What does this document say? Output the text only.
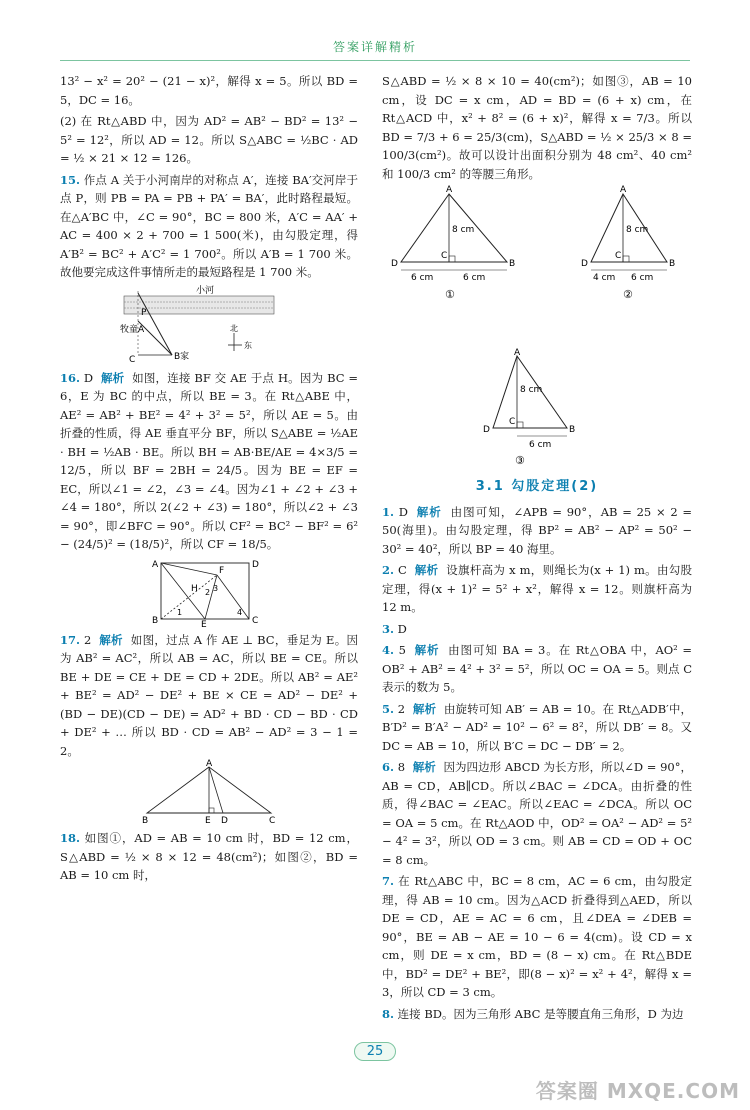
答案详解精析

13² − x² = 20² − (21 − x)²，解得 x = 5。所以 BD = 5，DC = 16。

(2) 在 Rt△ABD 中，因为 AD² = AB² − BD² = 13² − 5² = 12²，所以 AD = 12。所以 S△ABC = ½BC · AD = ½ × 21 × 12 = 126。

15. 作点 A 关于小河南岸的对称点 A′，连接 BA′交河岸于点 P，则 PB = PA = PB + PA′ = BA′，此时路程最短。在△A′BC 中，∠C = 90°，BC = 800 米，A′C = AA′ + AC = 400 × 2 + 700 = 1 500(米)，由勾股定理，得 A′B² = BC² + A′C² = 1 700²。所以 A′B = 1 700 米。故他要完成这件事情所走的最短路程是 1 700 米。

小河
牧童A
P
C	B家
北
东

16. D 解析 如图，连接 BF 交 AE 于点 H。因为 BC = 6，E 为 BC 的中点，所以 BE = 3。在 Rt△ABE 中，AE² = AB² + BE² = 4² + 3² = 5²，所以 AE = 5。由折叠的性质，得 AE 垂直平分 BF，所以 S△ABE = ½AE · BH = ½AB · BE。所以 BH = AB·BE/AE = 4×3/5 = 12/5，所以 BF = 2BH = 24/5。因为 BE = EF = EC，所以∠1 = ∠2，∠3 = ∠4。因为∠1 + ∠2 + ∠3 + ∠4 = 180°，所以 2(∠2 + ∠3) = 180°，所以∠2 + ∠3 = 90°，即∠BFC = 90°。所以 CF² = BC² − BF² = 6² − (24/5)² = (18/5)²，所以 CF = 18/5。

A	D
B	C
E
F
H
1
2 3
4

17. 2 解析 如图，过点 A 作 AE ⊥ BC，垂足为 E。因为 AB² = AC²，所以 AB = AC，所以 BE = CE。所以 BE + DE = CE + DE = CD + 2DE。所以 AB² = AE² + BE² = AD² − DE² + BE × CE = AD² − DE² + (BD − DE)(CD − DE) = AD² + BD · CD − BD · CD + DE² + … 所以 BD · CD = AB² − AD² = 3 − 1 = 2。

A
B	E D	C

18. 如图①，AD = AB = 10 cm 时，BD = 12 cm，S△ABD = ½ × 8 × 12 = 48(cm²)；如图②，BD = AB = 10 cm 时，

S△ABD = ½ × 8 × 10 = 40(cm²)；如图③，AB = 10 cm，设 DC = x cm，AD = BD = (6 + x) cm，在 Rt△ACD 中，x² + 8² = (6 + x)²，解得 x = 7/3。所以 BD = 7/3 + 6 = 25/3(cm)，S△ABD = ½ × 25/3 × 8 = 100/3(cm²)。故可以设计出面积分别为 48 cm²、40 cm² 和 100/3 cm² 的等腰三角形。

A
D
C
B
8 cm
6 cm	6 cm
①
A
D
C
B
8 cm
4 cm 6 cm
②
A
D
C
B
8 cm
6 cm
③
3.1 勾股定理(2)

1. D 解析 由图可知，∠APB = 90°，AB = 25 × 2 = 50(海里)。由勾股定理，得 BP² = AB² − AP² = 50² − 30² = 40²，所以 BP = 40 海里。

2. C 解析 设旗杆高为 x m，则绳长为(x + 1) m。由勾股定理，得(x + 1)² = 5² + x²，解得 x = 12。则旗杆高为 12 m。

3. D

4. 5 解析 由图可知 BA = 3。在 Rt△OBA 中，AO² = OB² + AB² = 4² + 3² = 5²，所以 OC = OA = 5。则点 C 表示的数为 5。

5. 2 解析 由旋转可知 AB′ = AB = 10。在 Rt△ADB′中，B′D² = B′A² − AD² = 10² − 6² = 8²，所以 DB′ = 8。又 DC = AB = 10，所以 B′C = DC − DB′ = 2。

6. 8 解析 因为四边形 ABCD 为长方形，所以∠D = 90°，AB = CD，AB∥CD。所以∠BAC = ∠DCA。由折叠的性质，得∠BAC = ∠EAC。所以∠EAC = ∠DCA。所以 OC = OA = 5 cm。在 Rt△AOD 中，OD² = OA² − AD² = 5² − 4² = 3²，所以 OD = 3 cm。则 AB = CD = OD + OC = 8 cm。

7. 在 Rt△ABC 中，BC = 8 cm，AC = 6 cm，由勾股定理，得 AB = 10 cm。因为△ACD 折叠得到△AED，所以 DE = CD，AE = AC = 6 cm，且∠DEA = ∠DEB = 90°，BE = AB − AE = 10 − 6 = 4(cm)。设 CD = x cm，则 DE = x cm，BD = (8 − x) cm。在 Rt△BDE 中，BD² = DE² + BE²，即(8 − x)² = x² + 4²，解得 x = 3，所以 CD = 3 cm。

8. 连接 BD。因为三角形 ABC 是等腰直角三角形，D 为边

25
答案圈 MXQE.COM
